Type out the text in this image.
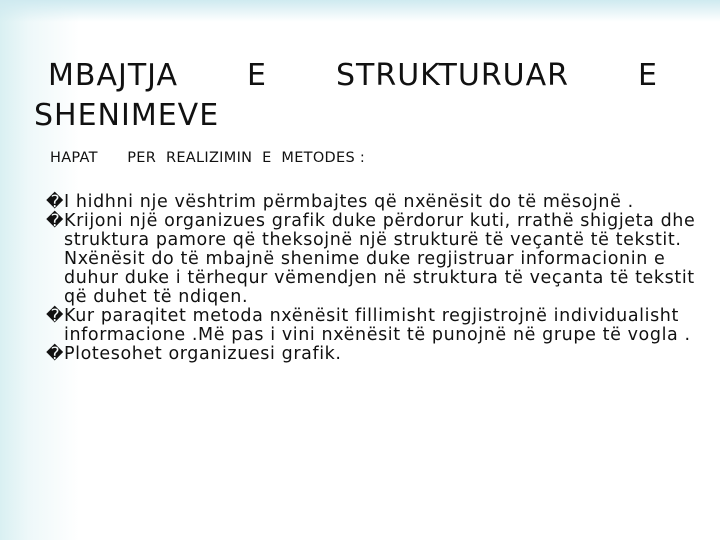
MBAJTJA E STRUKTURUAR E
SHENIMEVE
HAPAT      PER  REALIZIMIN  E  METODES :
� I hidhni nje vështrim përmbajtes që nxënësit do të mësojnë .
� Krijoni një organizues grafik duke përdorur kuti, rrathë shigjeta dhe struktura pamore që theksojnë një strukturë të veçantë të tekstit. Nxënësit do të mbajnë shenime duke regjistruar informacionin e duhur duke i tërhequr vëmendjen në struktura të veçanta të tekstit që duhet të ndiqen.
� Kur paraqitet metoda nxënësit fillimisht regjistrojnë individualisht informacione .Më pas i vini nxënësit të punojnë në grupe të vogla .
� Plotesohet organizuesi grafik.
